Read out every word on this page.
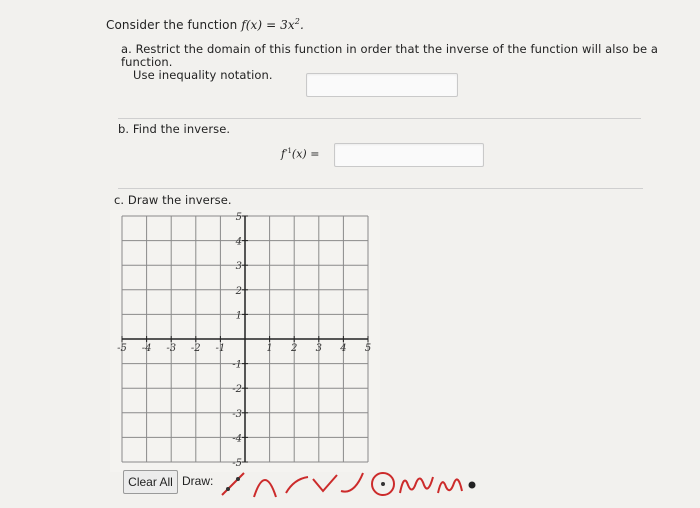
Consider the function $f(x) = 3x^2$.
a. Restrict the domain of this function in order that the inverse of the function will also be a function.
Use inequality notation.
b. Find the inverse.
$f^{-1}(x)$ =
c. Draw the inverse.
-5 -4 -3 -2 -1	1 2 3 4 5
5
4
3
2
1
-1
-2
-3
-4
-5
Clear All Draw:
